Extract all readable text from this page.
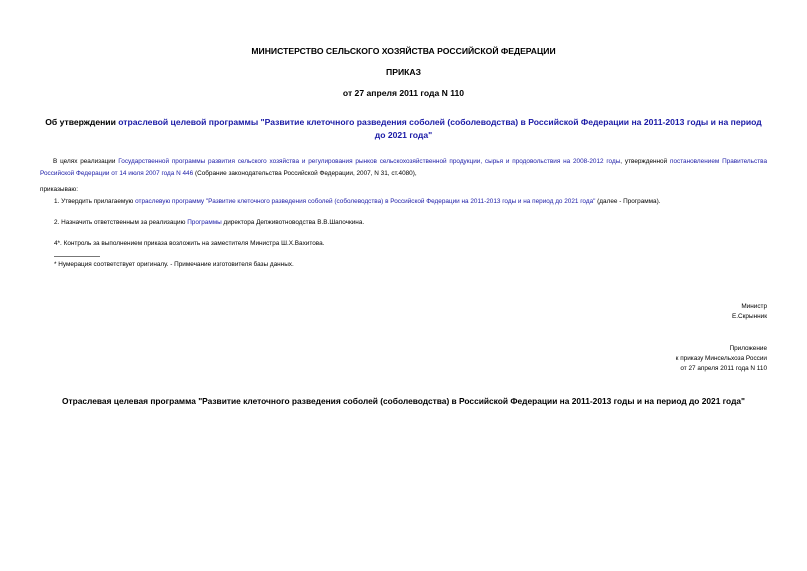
МИНИСТЕРСТВО СЕЛЬСКОГО ХОЗЯЙСТВА РОССИЙСКОЙ ФЕДЕРАЦИИ
ПРИКАЗ
от 27 апреля 2011 года N 110
Об утверждении отраслевой целевой программы "Развитие клеточного разведения соболей (соболеводства) в Российской Федерации на 2011-2013 годы и на период до 2021 года"
В целях реализации Государственной программы развития сельского хозяйства и регулирования рынков сельскохозяйственной продукции, сырья и продовольствия на 2008-2012 годы, утвержденной постановлением Правительства Российской Федерации от 14 июля 2007 года N 446 (Собрание законодательства Российской Федерации, 2007, N 31, ст.4080),
приказываю:
1. Утвердить прилагаемую отраслевую программу "Развитие клеточного разведения соболей (соболеводства) в Российской Федерации на 2011-2013 годы и на период до 2021 года" (далее - Программа).
2. Назначить ответственным за реализацию Программы директора Депживотноводства В.В.Шапочкина.
4*. Контроль за выполнением приказа возложить на заместителя Министра Ш.Х.Вахитова.
* Нумерация соответствует оригиналу. - Примечание изготовителя базы данных.
Министр
Е.Скрынник
Приложение
к приказу Минсельхоза России
от 27 апреля 2011 года N 110
Отраслевая целевая программа "Развитие клеточного разведения соболей (соболеводства) в Российской Федерации на 2011-2013 годы и на период до 2021 года"
